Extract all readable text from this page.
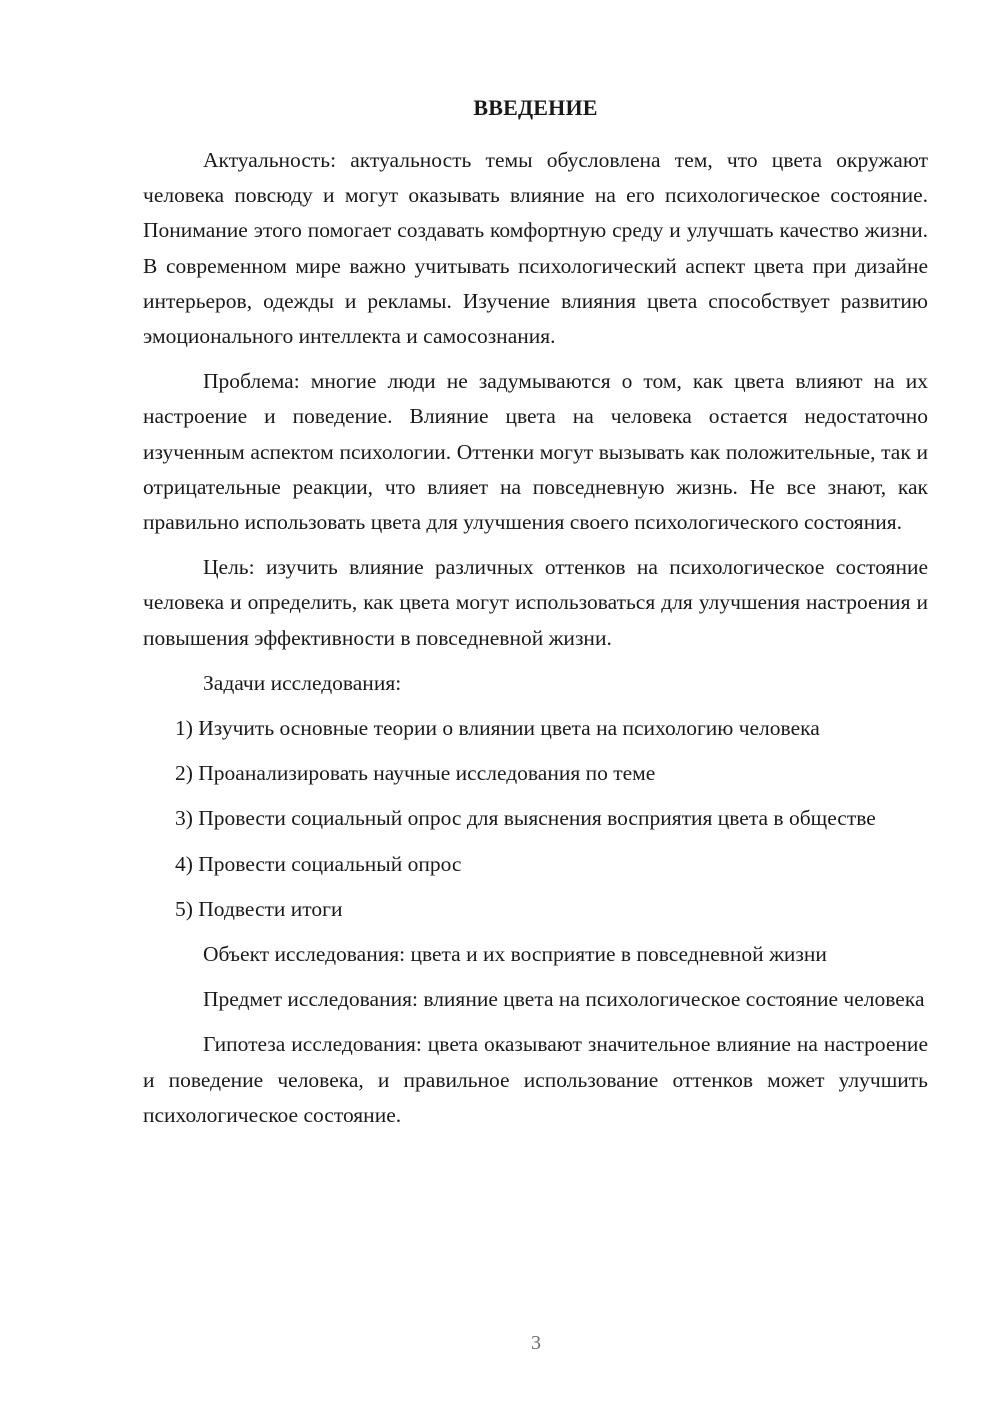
ВВЕДЕНИЕ

Актуальность: актуальность темы обусловлена тем, что цвета окружают человека повсюду и могут оказывать влияние на его психологическое состояние. Понимание этого помогает создавать комфортную среду и улучшать качество жизни. В современном мире важно учитывать психологический аспект цвета при дизайне интерьеров, одежды и рекламы. Изучение влияния цвета способствует развитию эмоционального интеллекта и самосознания.

Проблема: многие люди не задумываются о том, как цвета влияют на их настроение и поведение. Влияние цвета на человека остается недостаточно изученным аспектом психологии. Оттенки могут вызывать как положительные, так и отрицательные реакции, что влияет на повседневную жизнь. Не все знают, как правильно использовать цвета для улучшения своего психологического состояния.

Цель: изучить влияние различных оттенков на психологическое состояние человека и определить, как цвета могут использоваться для улучшения настроения и повышения эффективности в повседневной жизни.

Задачи исследования:

1) Изучить основные теории о влиянии цвета на психологию человека

2) Проанализировать научные исследования по теме

3) Провести социальный опрос для выяснения восприятия цвета в обществе

4) Провести социальный опрос

5) Подвести итоги

Объект исследования: цвета и их восприятие в повседневной жизни

Предмет исследования: влияние цвета на психологическое состояние человека

Гипотеза исследования: цвета оказывают значительное влияние на настроение и поведение человека, и правильное использование оттенков может улучшить психологическое состояние.

3
